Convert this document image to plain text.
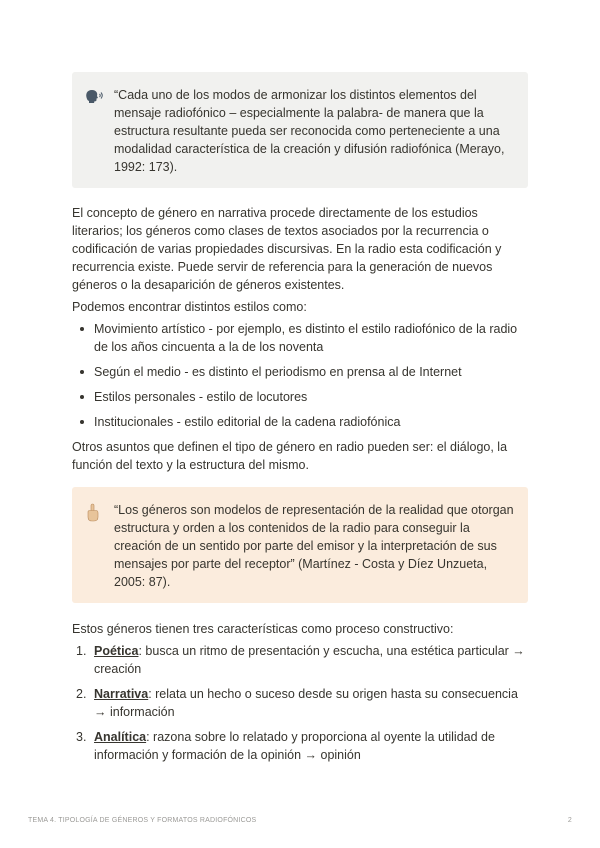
“Cada uno de los modos de armonizar los distintos elementos del mensaje radiofónico – especialmente la palabra- de manera que la estructura resultante pueda ser reconocida como perteneciente a una modalidad característica de la creación y difusión radiofónica (Merayo, 1992: 173).

El concepto de género en narrativa procede directamente de los estudios literarios; los géneros como clases de textos asociados por la recurrencia o codificación de varias propiedades discursivas. En la radio esta codificación y recurrencia existe. Puede servir de referencia para la generación de nuevos géneros o la desaparición de géneros existentes.

Podemos encontrar distintos estilos como:

Movimiento artístico - por ejemplo, es distinto el estilo radiofónico de la radio de los años cincuenta a la de los noventa
Según el medio - es distinto el periodismo en prensa al de Internet
Estilos personales - estilo de locutores
Institucionales - estilo editorial de la cadena radiofónica

Otros asuntos que definen el tipo de género en radio pueden ser: el diálogo, la función del texto y la estructura del mismo.

“Los géneros son modelos de representación de la realidad que otorgan estructura y orden a los contenidos de la radio para conseguir la creación de un sentido por parte del emisor y la interpretación de sus mensajes por parte del receptor” (Martínez - Costa y Díez Unzueta, 2005: 87).

Estos géneros tienen tres características como proceso constructivo:

1. Poética: busca un ritmo de presentación y escucha, una estética particular → creación
2. Narrativa: relata un hecho o suceso desde su origen hasta su consecuencia → información
3. Analítica: razona sobre lo relatado y proporciona al oyente la utilidad de información y formación de la opinión → opinión
TEMA 4. TIPOLOGÍA DE GÉNEROS Y FORMATOS RADIOFÓNICOS	2
